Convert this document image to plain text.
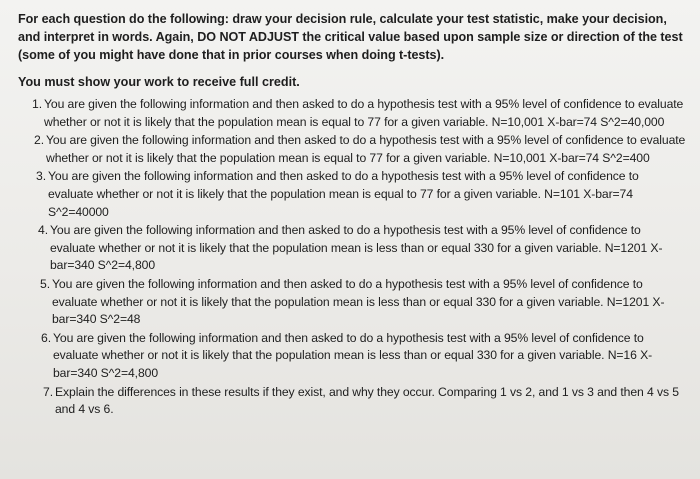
For each question do the following: draw your decision rule, calculate your test statistic, make your decision, and interpret in words. Again, DO NOT ADJUST the critical value based upon sample size or direction of the test (some of you might have done that in prior courses when doing t-tests).

You must show your work to receive full credit.

1. You are given the following information and then asked to do a hypothesis test with a 95% level of confidence to evaluate whether or not it is likely that the population mean is equal to 77 for a given variable. N=10,001 X-bar=74 S^2=40,000
2. You are given the following information and then asked to do a hypothesis test with a 95% level of confidence to evaluate whether or not it is likely that the population mean is equal to 77 for a given variable. N=10,001 X-bar=74 S^2=400
3. You are given the following information and then asked to do a hypothesis test with a 95% level of confidence to evaluate whether or not it is likely that the population mean is equal to 77 for a given variable. N=101 X-bar=74 S^2=40000
4. You are given the following information and then asked to do a hypothesis test with a 95% level of confidence to evaluate whether or not it is likely that the population mean is less than or equal 330 for a given variable. N=1201 X-bar=340 S^2=4,800
5. You are given the following information and then asked to do a hypothesis test with a 95% level of confidence to evaluate whether or not it is likely that the population mean is less than or equal 330 for a given variable. N=1201 X-bar=340 S^2=48
6. You are given the following information and then asked to do a hypothesis test with a 95% level of confidence to evaluate whether or not it is likely that the population mean is less than or equal 330 for a given variable. N=16 X-bar=340 S^2=4,800
7. Explain the differences in these results if they exist, and why they occur. Comparing 1 vs 2, and 1 vs 3 and then 4 vs 5 and 4 vs 6.
